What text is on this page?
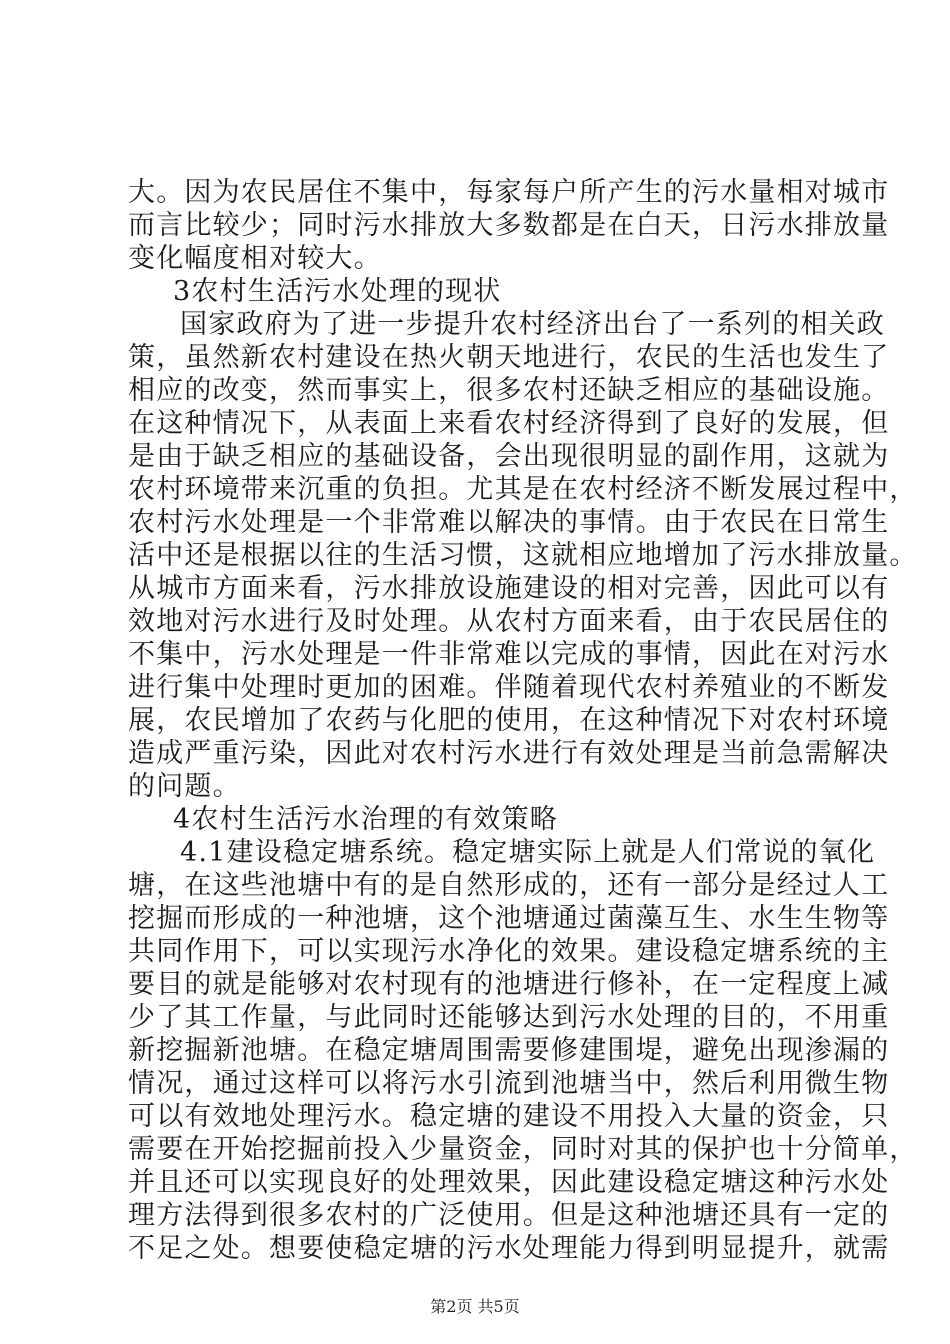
大。因为农民居住不集中，每家每户所产生的污水量相对城市
而言比较少；同时污水排放大多数都是在白天，日污水排放量
变化幅度相对较大。
3农村生活污水处理的现状
国家政府为了进一步提升农村经济出台了一系列的相关政
策，虽然新农村建设在热火朝天地进行，农民的生活也发生了
相应的改变，然而事实上，很多农村还缺乏相应的基础设施。
在这种情况下，从表面上来看农村经济得到了良好的发展，但
是由于缺乏相应的基础设备，会出现很明显的副作用，这就为
农村环境带来沉重的负担。尤其是在农村经济不断发展过程中，
农村污水处理是一个非常难以解决的事情。由于农民在日常生
活中还是根据以往的生活习惯，这就相应地增加了污水排放量。
从城市方面来看，污水排放设施建设的相对完善，因此可以有
效地对污水进行及时处理。从农村方面来看，由于农民居住的
不集中，污水处理是一件非常难以完成的事情，因此在对污水
进行集中处理时更加的困难。伴随着现代农村养殖业的不断发
展，农民增加了农药与化肥的使用，在这种情况下对农村环境
造成严重污染，因此对农村污水进行有效处理是当前急需解决
的问题。
4农村生活污水治理的有效策略
4.1建设稳定塘系统。稳定塘实际上就是人们常说的氧化
塘，在这些池塘中有的是自然形成的，还有一部分是经过人工
挖掘而形成的一种池塘，这个池塘通过菌藻互生、水生生物等
共同作用下，可以实现污水净化的效果。建设稳定塘系统的主
要目的就是能够对农村现有的池塘进行修补，在一定程度上减
少了其工作量，与此同时还能够达到污水处理的目的，不用重
新挖掘新池塘。在稳定塘周围需要修建围堤，避免出现渗漏的
情况，通过这样可以将污水引流到池塘当中，然后利用微生物
可以有效地处理污水。稳定塘的建设不用投入大量的资金，只
需要在开始挖掘前投入少量资金，同时对其的保护也十分简单，
并且还可以实现良好的处理效果，因此建设稳定塘这种污水处
理方法得到很多农村的广泛使用。但是这种池塘还具有一定的
不足之处。想要使稳定塘的污水处理能力得到明显提升，就需
第2页 共5页
